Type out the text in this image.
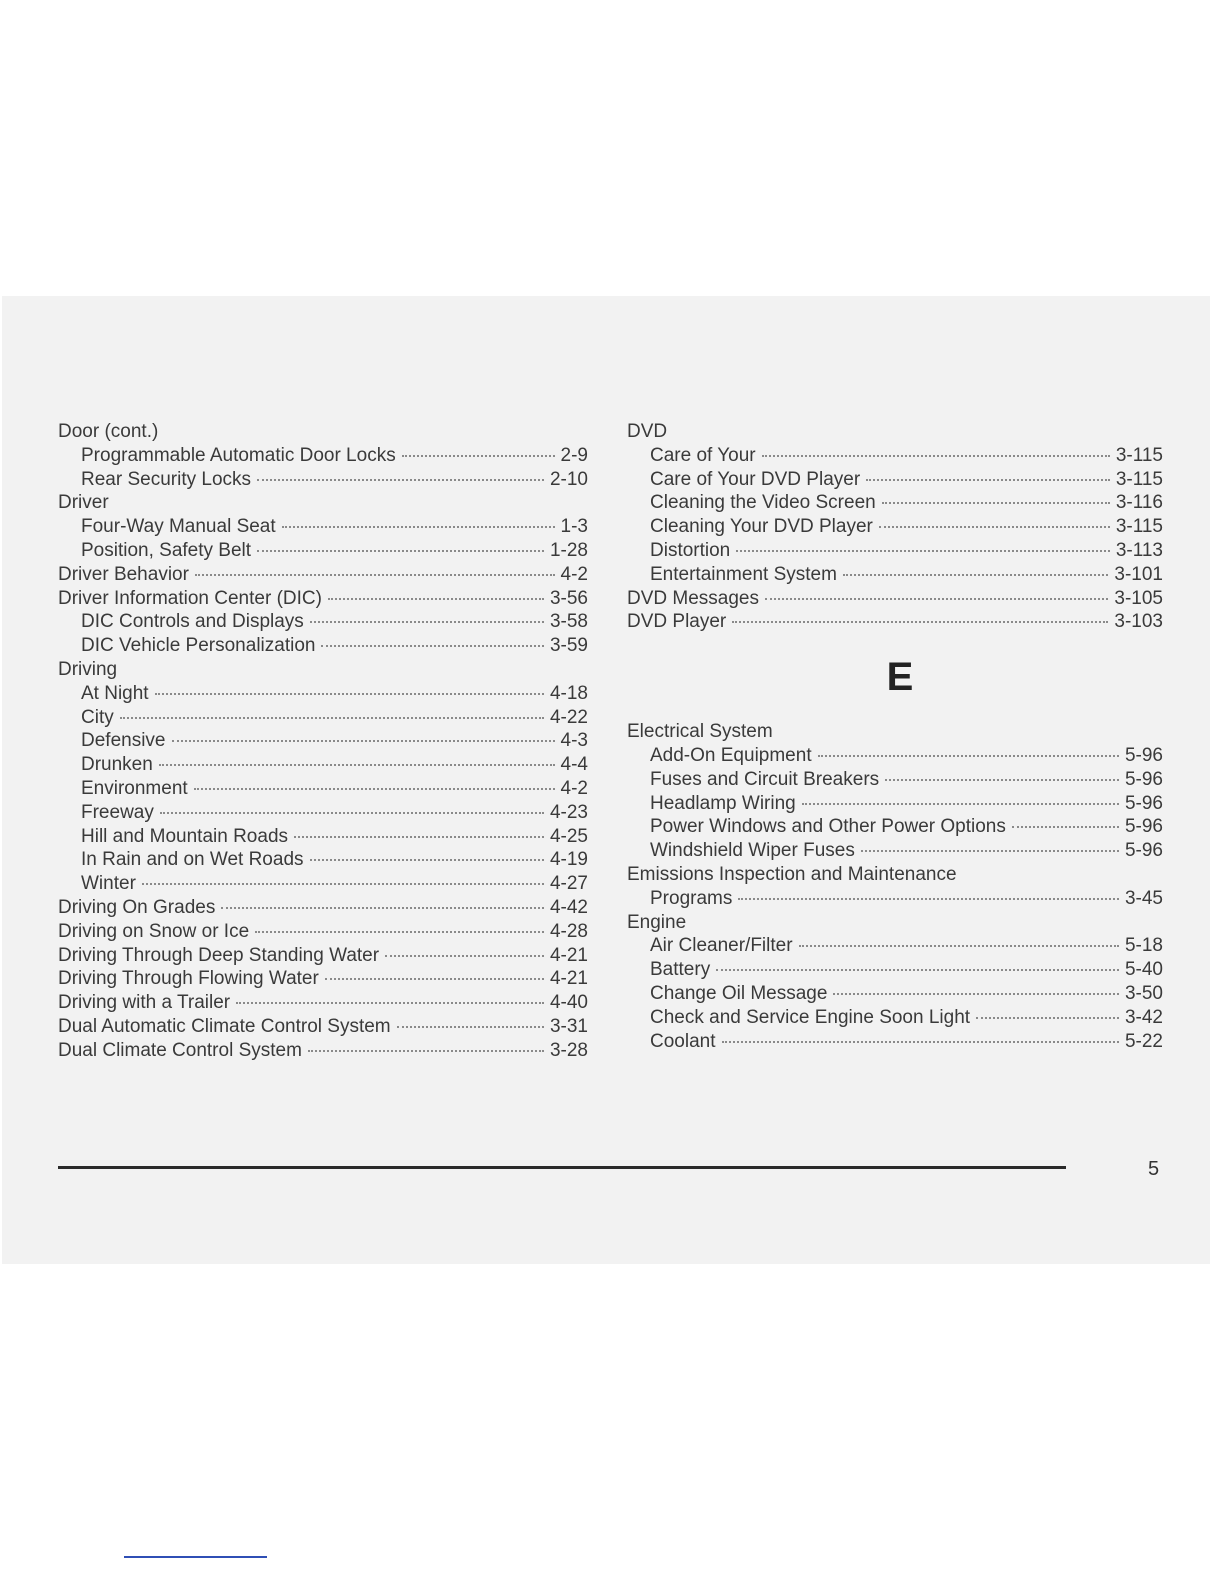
Door (cont.)
Programmable Automatic Door Locks	2-9
Rear Security Locks	2-10
Driver
Four-Way Manual Seat	1-3
Position, Safety Belt	1-28
Driver Behavior	4-2
Driver Information Center (DIC)	3-56
DIC Controls and Displays	3-58
DIC Vehicle Personalization	3-59
Driving
At Night	4-18
City	4-22
Defensive	4-3
Drunken	4-4
Environment	4-2
Freeway	4-23
Hill and Mountain Roads	4-25
In Rain and on Wet Roads	4-19
Winter	4-27
Driving On Grades	4-42
Driving on Snow or Ice	4-28
Driving Through Deep Standing Water	4-21
Driving Through Flowing Water	4-21
Driving with a Trailer	4-40
Dual Automatic Climate Control System	3-31
Dual Climate Control System	3-28
DVD
Care of Your	3-115
Care of Your DVD Player	3-115
Cleaning the Video Screen	3-116
Cleaning Your DVD Player	3-115
Distortion	3-113
Entertainment System	3-101
DVD Messages	3-105
DVD Player	3-103
E
Electrical System
Add-On Equipment	5-96
Fuses and Circuit Breakers	5-96
Headlamp Wiring	5-96
Power Windows and Other Power Options	5-96
Windshield Wiper Fuses	5-96
Emissions Inspection and Maintenance
Programs	3-45
Engine
Air Cleaner/Filter	5-18
Battery	5-40
Change Oil Message	3-50
Check and Service Engine Soon Light	3-42
Coolant	5-22
5
